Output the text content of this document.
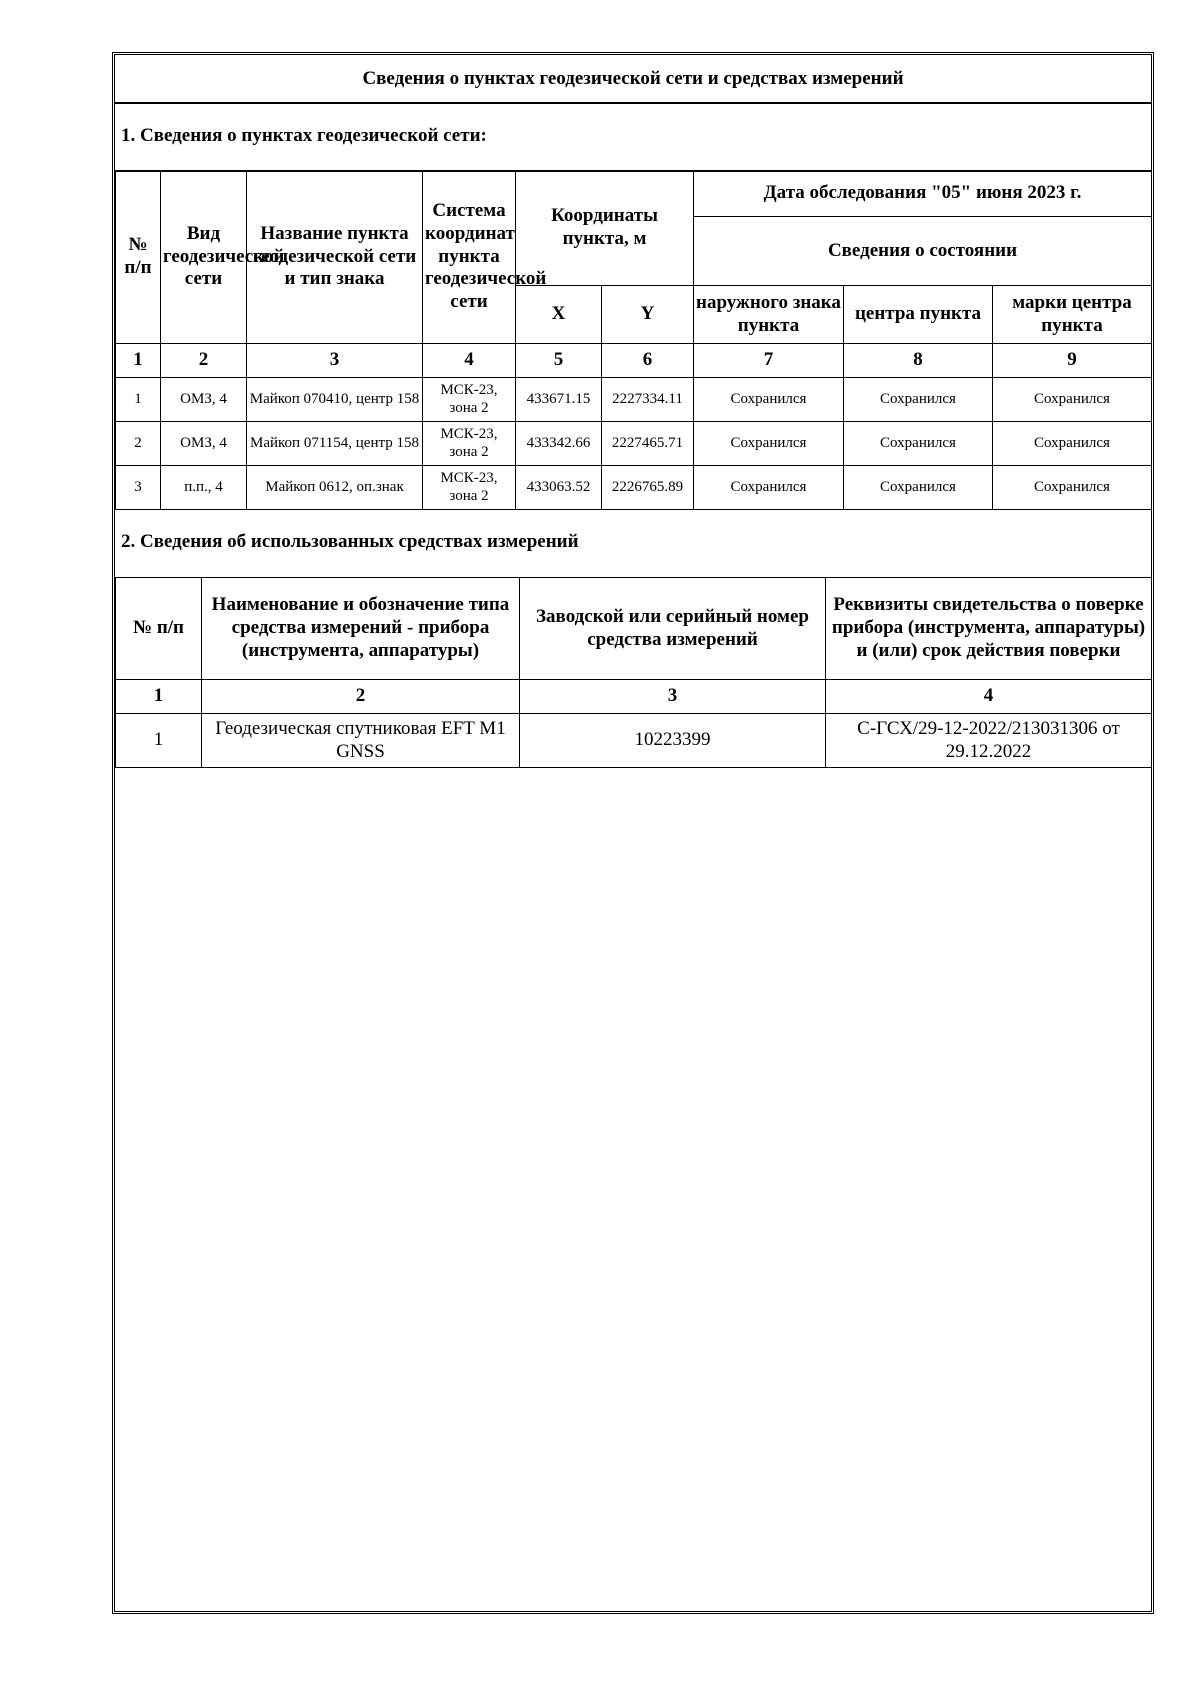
Сведения о пунктах геодезической сети и средствах измерений
1. Сведения о пунктах геодезической сети:
№ п/п	Вид геодезической сети	Название пункта геодезической сети и тип знака	Система координат пункта геодезической сети	Координаты пункта, м		Дата обследования "05" июня 2023 г.		
						Сведения о состоянии		
				X	Y	наружного знака пункта	центра пункта	марки центра пункта
1	2	3	4	5	6	7	8	9
1	ОМЗ, 4	Майкоп 070410, центр 158	МСК-23, зона 2	433671.15	2227334.11	Сохранился	Сохранился	Сохранился
2	ОМЗ, 4	Майкоп 071154, центр 158	МСК-23, зона 2	433342.66	2227465.71	Сохранился	Сохранился	Сохранился
3	п.п., 4	Майкоп 0612, оп.знак	МСК-23, зона 2	433063.52	2226765.89	Сохранился	Сохранился	Сохранился
2. Сведения об использованных средствах измерений
№ п/п	Наименование и обозначение типа средства измерений - прибора (инструмента, аппаратуры)	Заводской или серийный номер средства измерений	Реквизиты свидетельства о поверке прибора (инструмента, аппаратуры) и (или) срок действия поверки
1	2	3	4
1	Геодезическая спутниковая EFT M1 GNSS	10223399	С-ГСХ/29-12-2022/213031306 от 29.12.2022
